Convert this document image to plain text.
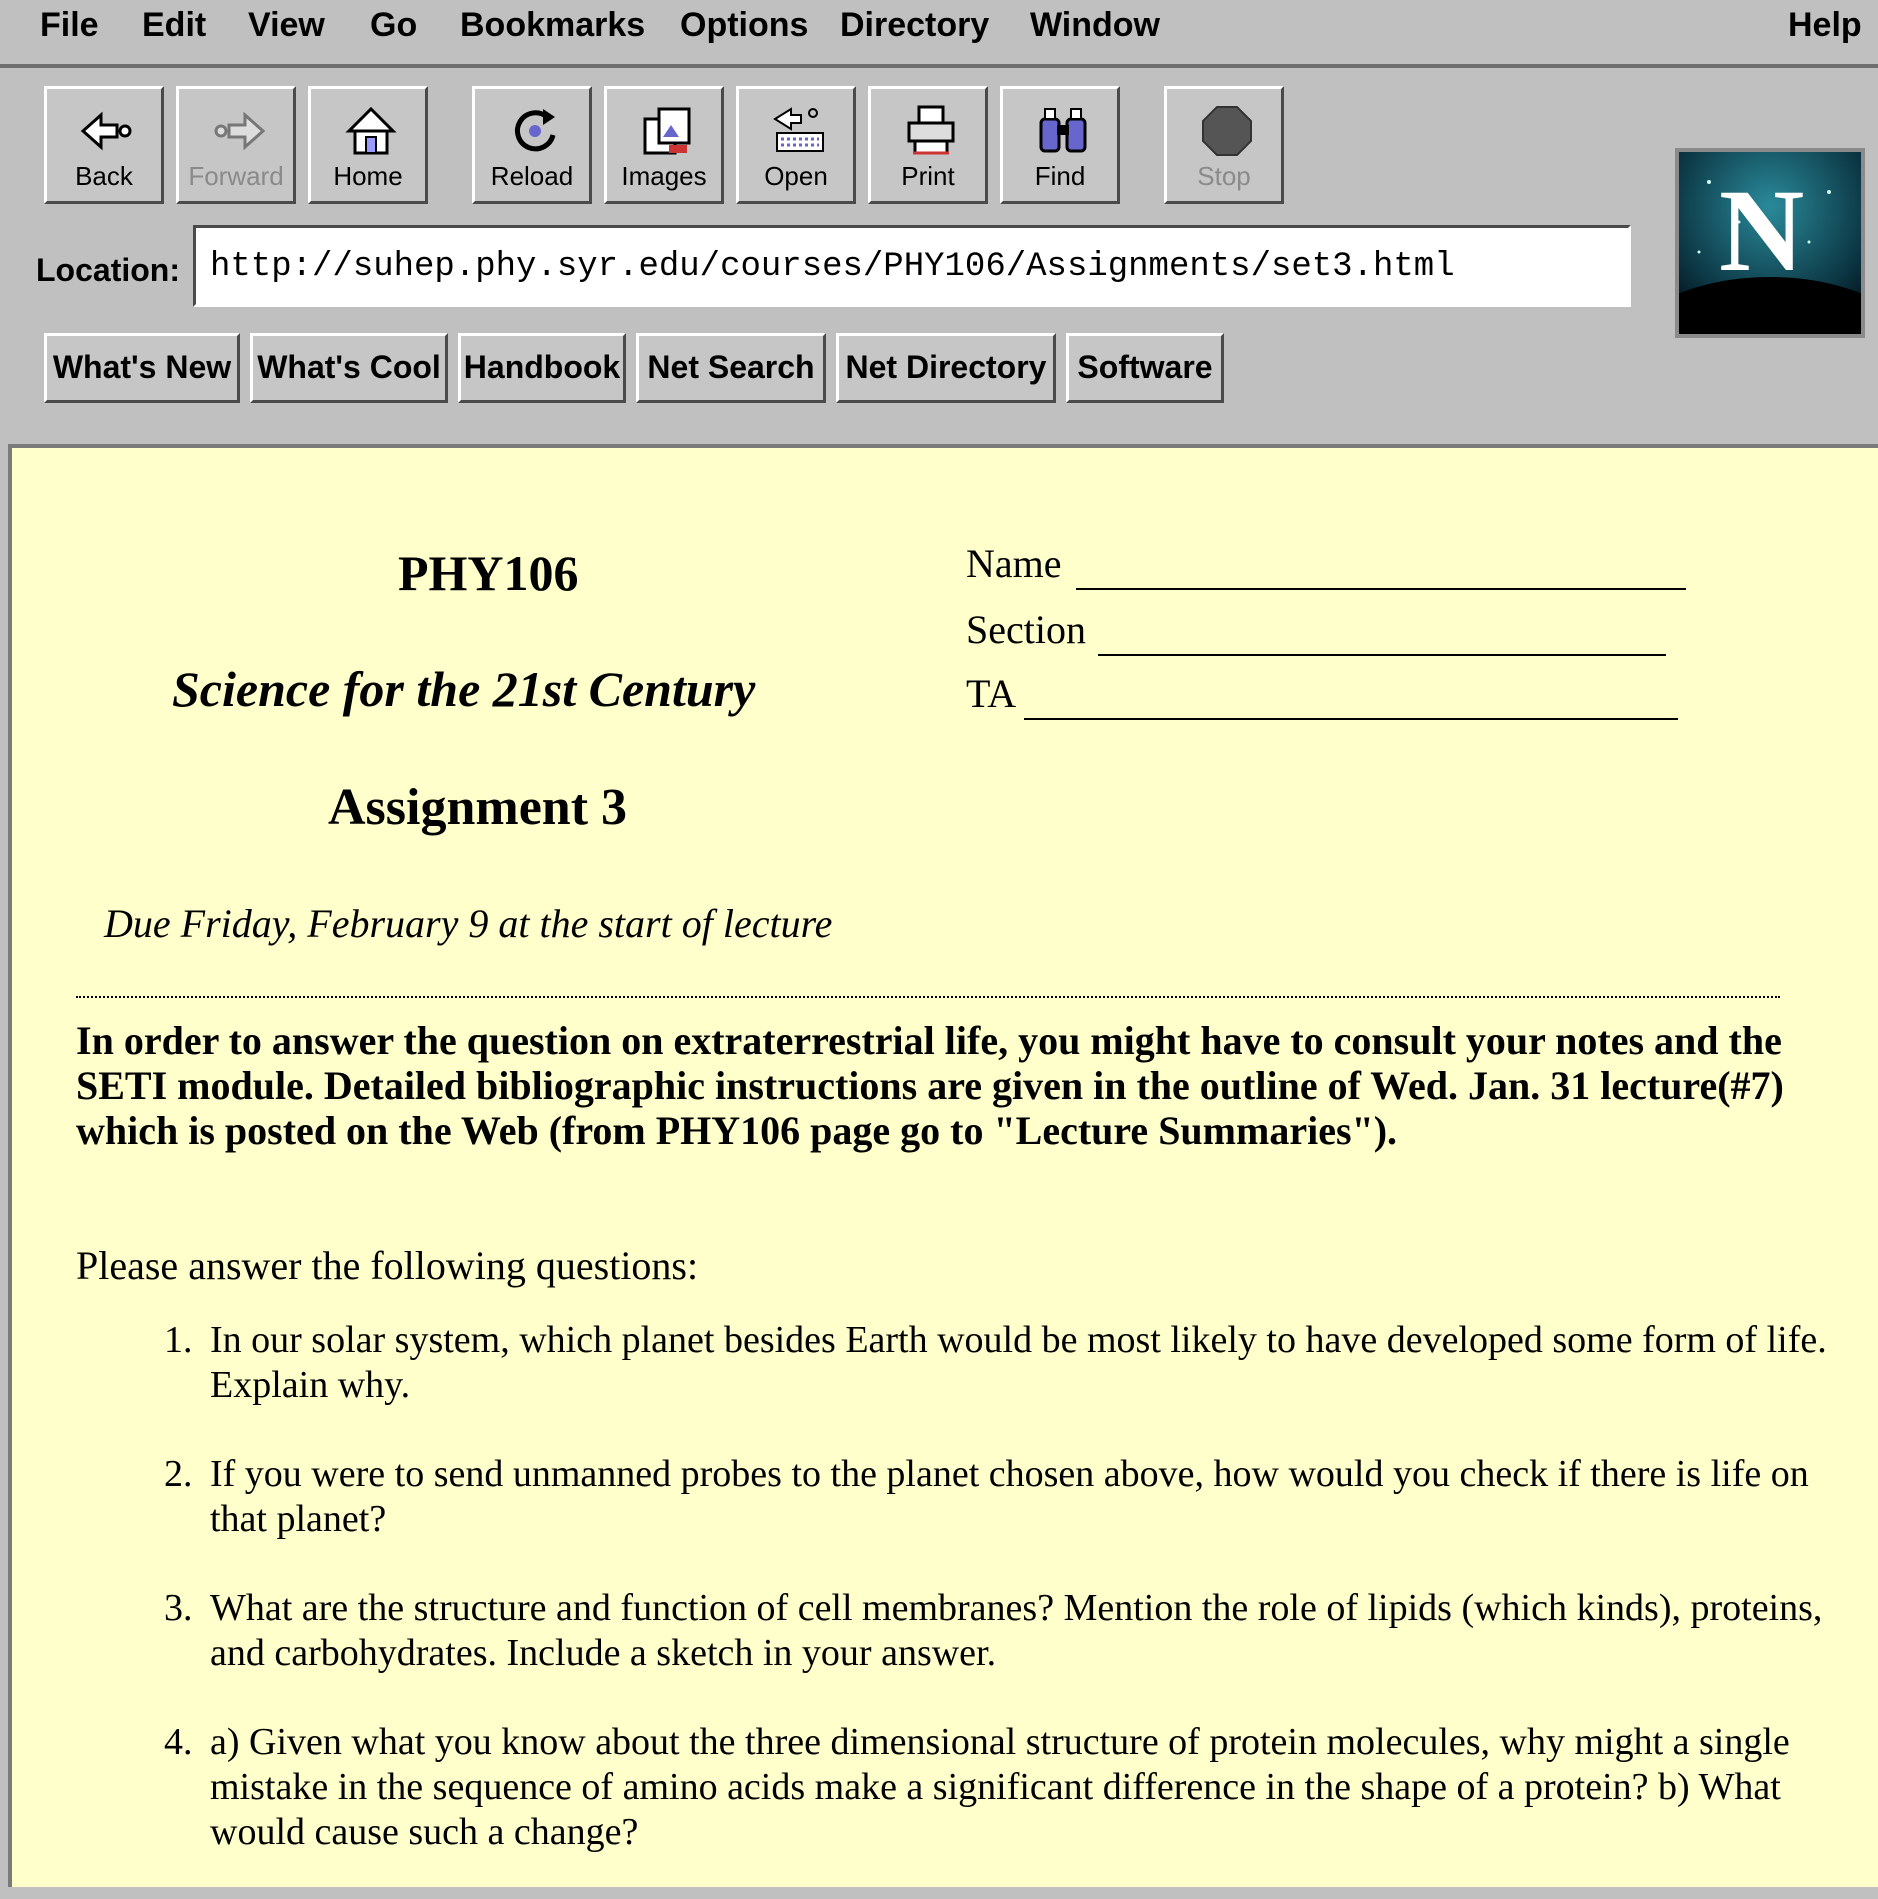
File Edit View Go Bookmarks Options Directory Window	Help
Back	Forward	Home	Reload	Images	Open	Print	Find	Stop
Location: http://suhep.phy.syr.edu/courses/PHY106/Assignments/set3.html
What's New What's Cool Handbook Net Search Net Directory Software
N
PHY106
Science for the 21st Century
Assignment 3
Due Friday, February 9 at the start of lecture
Name
Section
TA
In order to answer the question on extraterrestrial life, you might have to consult your notes and the SETI module. Detailed bibliographic instructions are given in the outline of Wed. Jan. 31 lecture(#7) which is posted on the Web (from PHY106 page go to "Lecture Summaries").
Please answer the following questions:
1. In our solar system, which planet besides Earth would be most likely to have developed some form of life. Explain why.
2. If you were to send unmanned probes to the planet chosen above, how would you check if there is life on that planet?
3. What are the structure and function of cell membranes? Mention the role of lipids (which kinds), proteins, and carbohydrates. Include a sketch in your answer.
4. a) Given what you know about the three dimensional structure of protein molecules, why might a single mistake in the sequence of amino acids make a significant difference in the shape of a protein? b) What would cause such a change?
